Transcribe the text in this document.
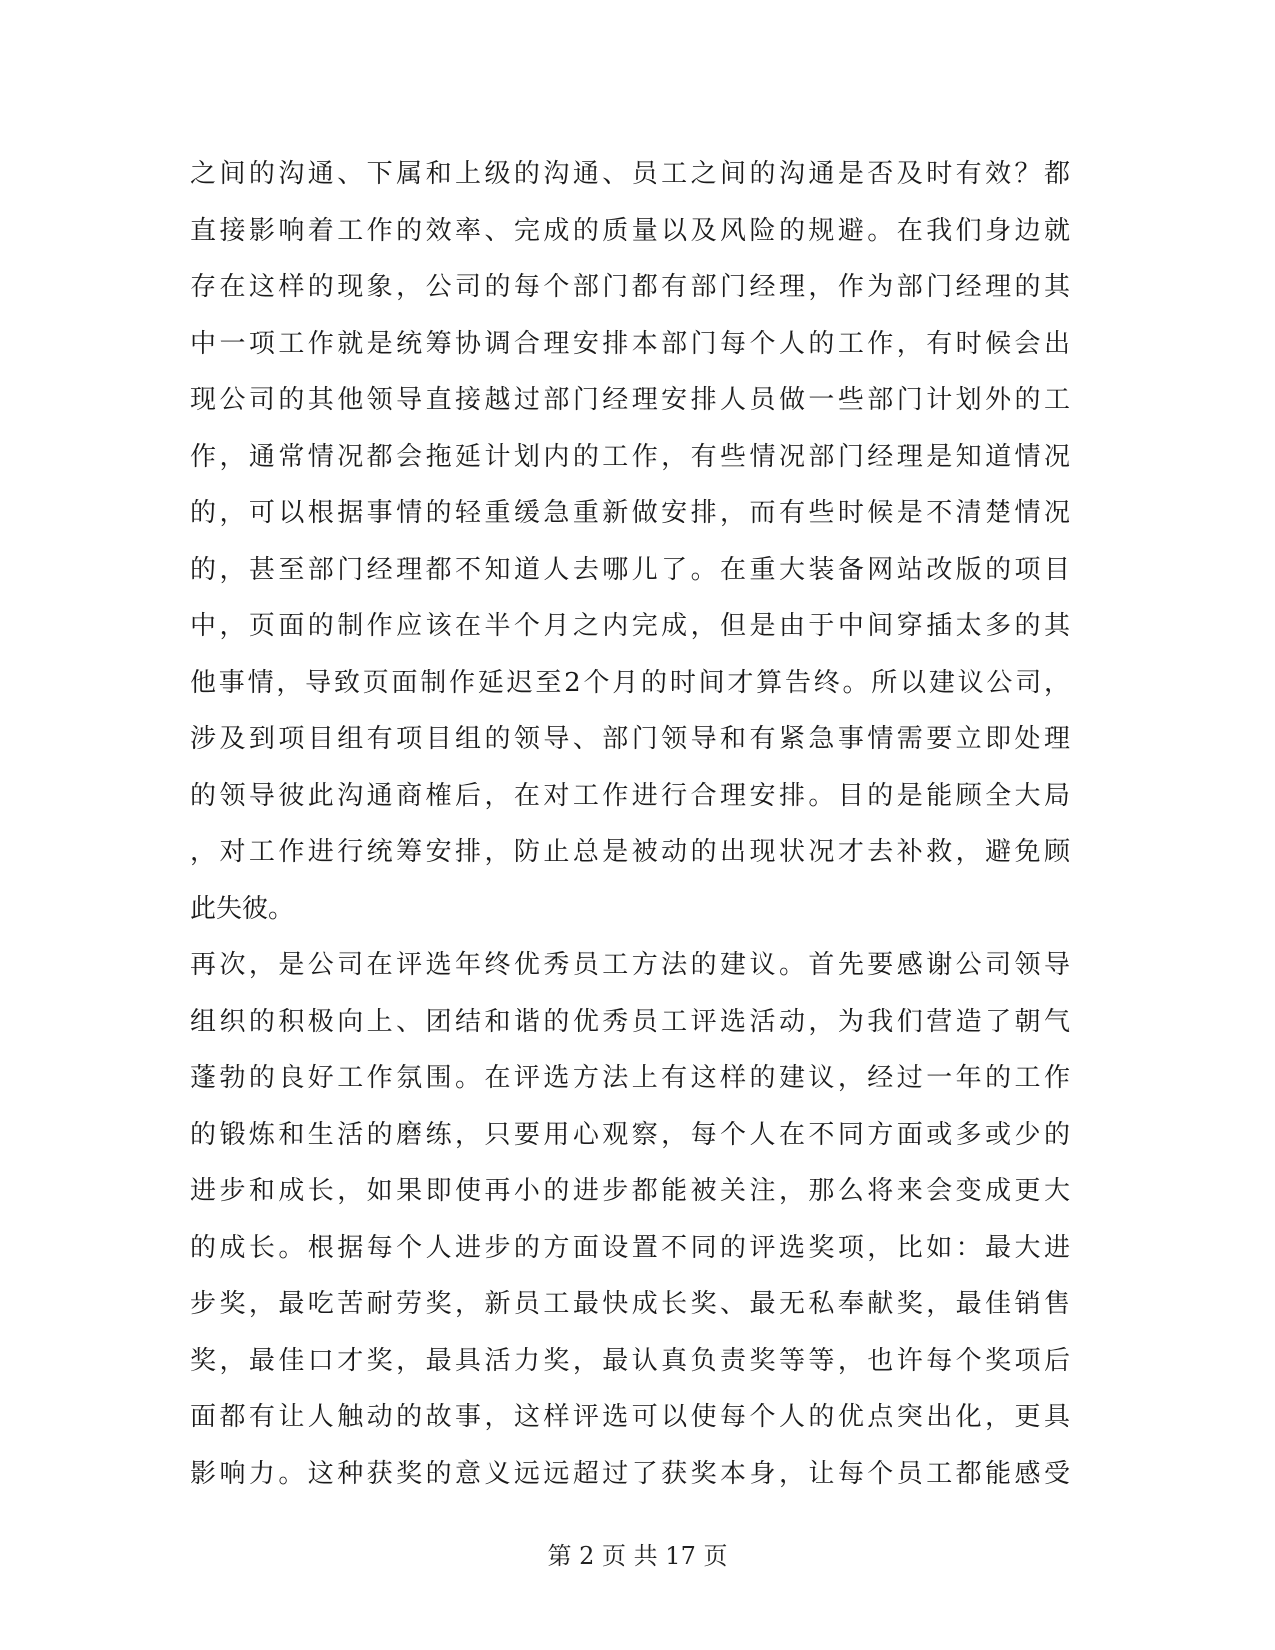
之间的沟通、下属和上级的沟通、员工之间的沟通是否及时有效？都
直接影响着工作的效率、完成的质量以及风险的规避。在我们身边就
存在这样的现象，公司的每个部门都有部门经理，作为部门经理的其
中一项工作就是统筹协调合理安排本部门每个人的工作，有时候会出
现公司的其他领导直接越过部门经理安排人员做一些部门计划外的工
作，通常情况都会拖延计划内的工作，有些情况部门经理是知道情况
的，可以根据事情的轻重缓急重新做安排，而有些时候是不清楚情况
的，甚至部门经理都不知道人去哪儿了。在重大装备网站改版的项目
中，页面的制作应该在半个月之内完成，但是由于中间穿插太多的其
他事情，导致页面制作延迟至2个月的时间才算告终。所以建议公司，
涉及到项目组有项目组的领导、部门领导和有紧急事情需要立即处理
的领导彼此沟通商榷后，在对工作进行合理安排。目的是能顾全大局
，对工作进行统筹安排，防止总是被动的出现状况才去补救，避免顾
此失彼。
再次，是公司在评选年终优秀员工方法的建议。首先要感谢公司领导
组织的积极向上、团结和谐的优秀员工评选活动，为我们营造了朝气
蓬勃的良好工作氛围。在评选方法上有这样的建议，经过一年的工作
的锻炼和生活的磨练，只要用心观察，每个人在不同方面或多或少的
进步和成长，如果即使再小的进步都能被关注，那么将来会变成更大
的成长。根据每个人进步的方面设置不同的评选奖项，比如：最大进
步奖，最吃苦耐劳奖，新员工最快成长奖、最无私奉献奖，最佳销售
奖，最佳口才奖，最具活力奖，最认真负责奖等等，也许每个奖项后
面都有让人触动的故事，这样评选可以使每个人的优点突出化，更具
影响力。这种获奖的意义远远超过了获奖本身，让每个员工都能感受
第 2 页 共 17 页
